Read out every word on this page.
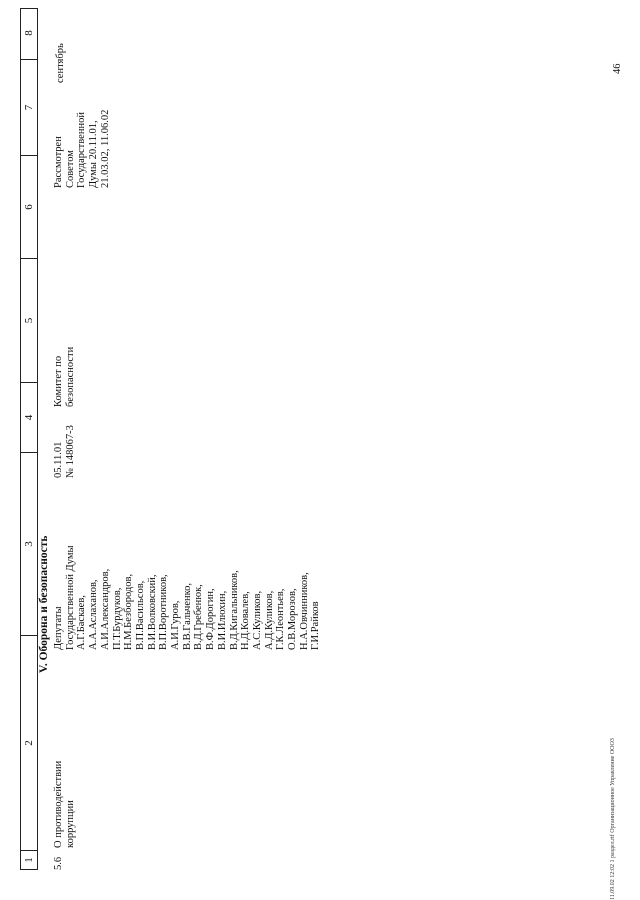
1
2
3
4
5
6
7
8
V. Оборона и безопасность
5.6
О противодействии коррупции
Депутаты Государственной Думы А.Г.Баскаев, А.А.Аслаханов, А.И.Александров, П.Т.Бурдуков, Н.М.Безбородов, В.П.Васильсов, В.И.Волковский, В.П.Воротников, А.И.Гуров, В.В.Гальченко, В.Д.Гребенюк, В.Ф.Дорогин, В.И.Илюхин, В.Д.Кигальников, Н.Д.Ковалев, А.С.Куликов, А.Д.Куликов, Г.К.Леонтьев, О.В.Морозов, Н.А.Овчинников, Г.И.Райков
05.11.01 № 148067-3
Комитет по безопасности
Рассмотрен Советом Государственной Думы 20.11.01, 21.03.02, 11.06.02
сентябрь	46
11.09.02 12:02 1 раздел.rtf Организационное Управление ООО3
